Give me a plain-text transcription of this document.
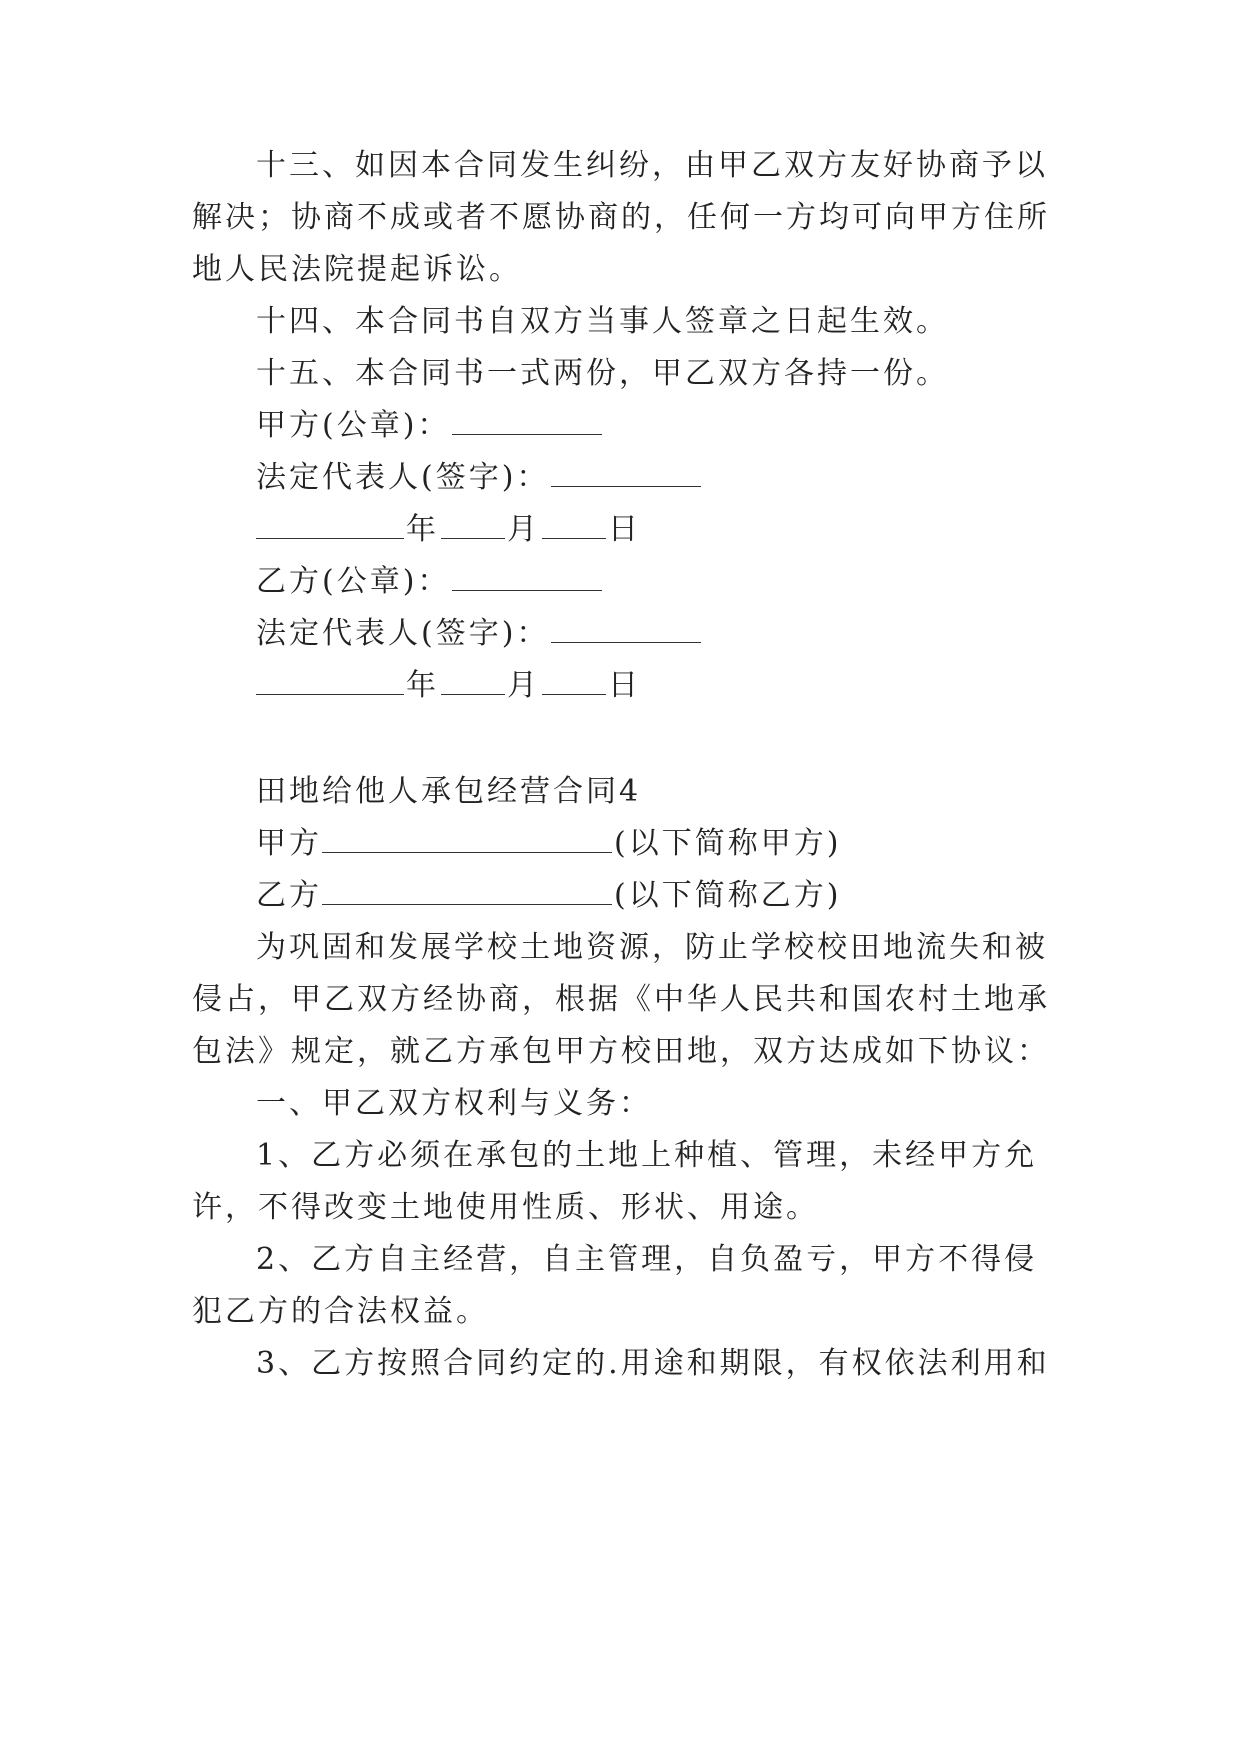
十三、如因本合同发生纠纷，由甲乙双方友好协商予以
解决；协商不成或者不愿协商的，任何一方均可向甲方住所
地人民法院提起诉讼。
十四、本合同书自双方当事人签章之日起生效。
十五、本合同书一式两份，甲乙双方各持一份。
甲方(公章)：
法定代表人(签字)：
年 月 日
乙方(公章)：
法定代表人(签字)：
年 月 日
田地给他人承包经营合同4
甲方	(以下简称甲方)
乙方	(以下简称乙方)
为巩固和发展学校土地资源，防止学校校田地流失和被
侵占，甲乙双方经协商，根据《中华人民共和国农村土地承
包法》规定，就乙方承包甲方校田地，双方达成如下协议：
一、甲乙双方权利与义务：
1、乙方必须在承包的土地上种植、管理，未经甲方允
许，不得改变土地使用性质、形状、用途。
2、乙方自主经营，自主管理，自负盈亏，甲方不得侵
犯乙方的合法权益。
3、乙方按照合同约定的.用途和期限，有权依法利用和
